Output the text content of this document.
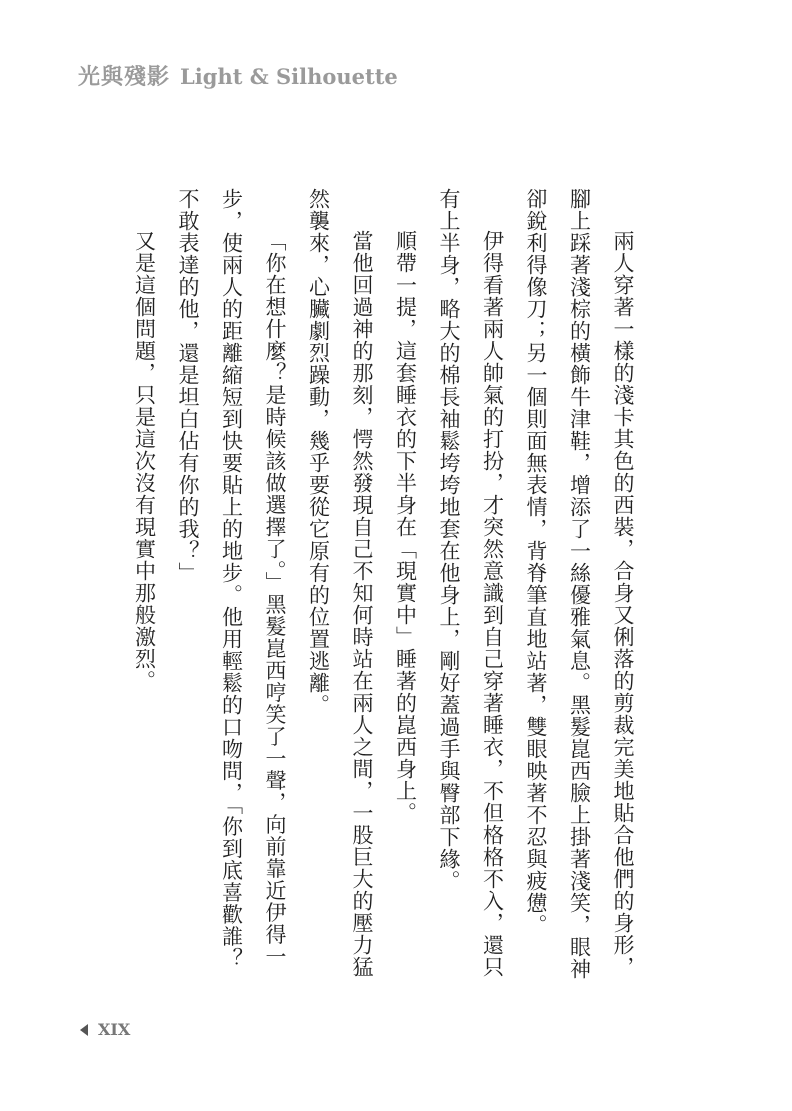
光與殘影 Light & Silhouette

兩人穿著一樣的淺卡其色的西裝，合身又俐落的剪裁完美地貼合他們的身形，腳上踩著淺棕的橫飾牛津鞋，增添了一絲優雅氣息。黑髮崑西臉上掛著淺笑，眼神卻銳利得像刀；另一個則面無表情，背脊筆直地站著，雙眼映著不忍與疲憊。

伊得看著兩人帥氣的打扮，才突然意識到自己穿著睡衣，不但格格不入，還只有上半身，略大的棉長袖鬆垮垮地套在他身上，剛好蓋過手與臀部下緣。

順帶一提，這套睡衣的下半身在「現實中」睡著的崑西身上。

當他回過神的那刻，愕然發現自己不知何時站在兩人之間，一股巨大的壓力猛然襲來，心臟劇烈躁動，幾乎要從它原有的位置逃離。

「你在想什麼？是時候該做選擇了。」黑髮崑西哼笑了一聲，向前靠近伊得一步，使兩人的距離縮短到快要貼上的地步。他用輕鬆的口吻問，「你到底喜歡誰？不敢表達的他，還是坦白佔有你的我？」

又是這個問題，只是這次沒有現實中那般激烈。

XIX
